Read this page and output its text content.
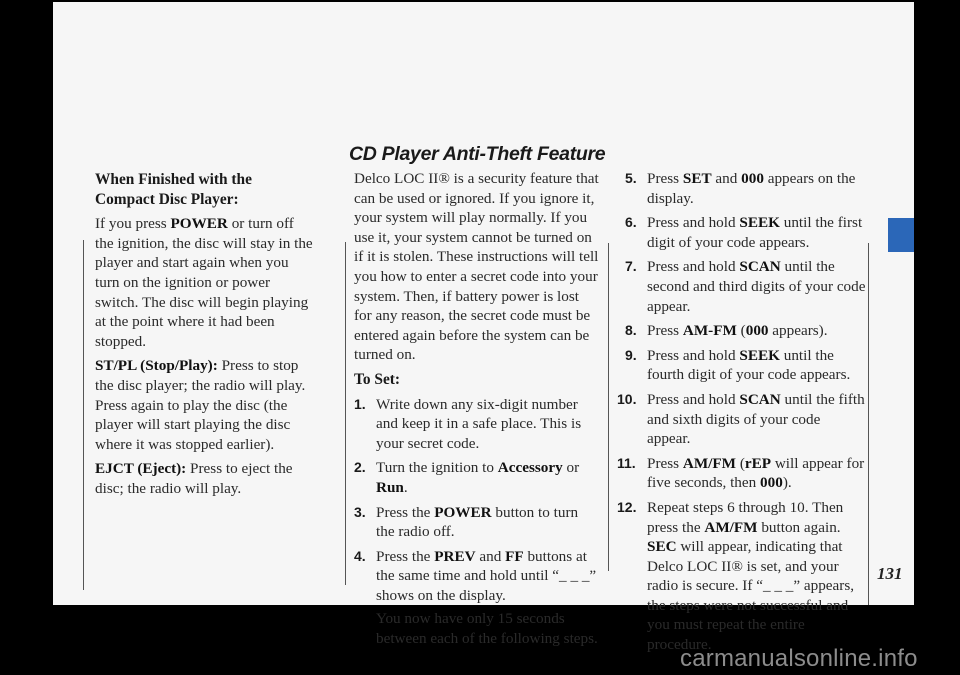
When Finished with the Compact Disc Player:

If you press POWER or turn off the ignition, the disc will stay in the player and start again when you turn on the ignition or power switch. The disc will begin playing at the point where it had been stopped.

ST/PL (Stop/Play): Press to stop the disc player; the radio will play. Press again to play the disc (the player will start playing the disc where it was stopped earlier).

EJCT (Eject): Press to eject the disc; the radio will play.

CD Player Anti-Theft Feature

Delco LOC II® is a security feature that can be used or ignored. If you ignore it, your system will play normally. If you use it, your system cannot be turned on if it is stolen. These instructions will tell you how to enter a secret code into your system. Then, if battery power is lost for any reason, the secret code must be entered again before the system can be turned on.

To Set:
1. Write down any six-digit number and keep it in a safe place. This is your secret code.
2. Turn the ignition to Accessory or Run.
3. Press the POWER button to turn the radio off.
4. Press the PREV and FF buttons at the same time and hold until “_ _ _” shows on the display.
You now have only 15 seconds between each of the following steps.
5. Press SET and 000 appears on the display.
6. Press and hold SEEK until the first digit of your code appears.
7. Press and hold SCAN until the second and third digits of your code appear.
8. Press AM-FM (000 appears).
9. Press and hold SEEK until the fourth digit of your code appears.
10. Press and hold SCAN until the fifth and sixth digits of your code appear.
11. Press AM/FM (rEP will appear for five seconds, then 000).
12. Repeat steps 6 through 10. Then press the AM/FM button again. SEC will appear, indicating that Delco LOC II® is set, and your radio is secure. If “_ _ _” appears, the steps were not successful and you must repeat the entire procedure.
131
carmanualsonline.info
